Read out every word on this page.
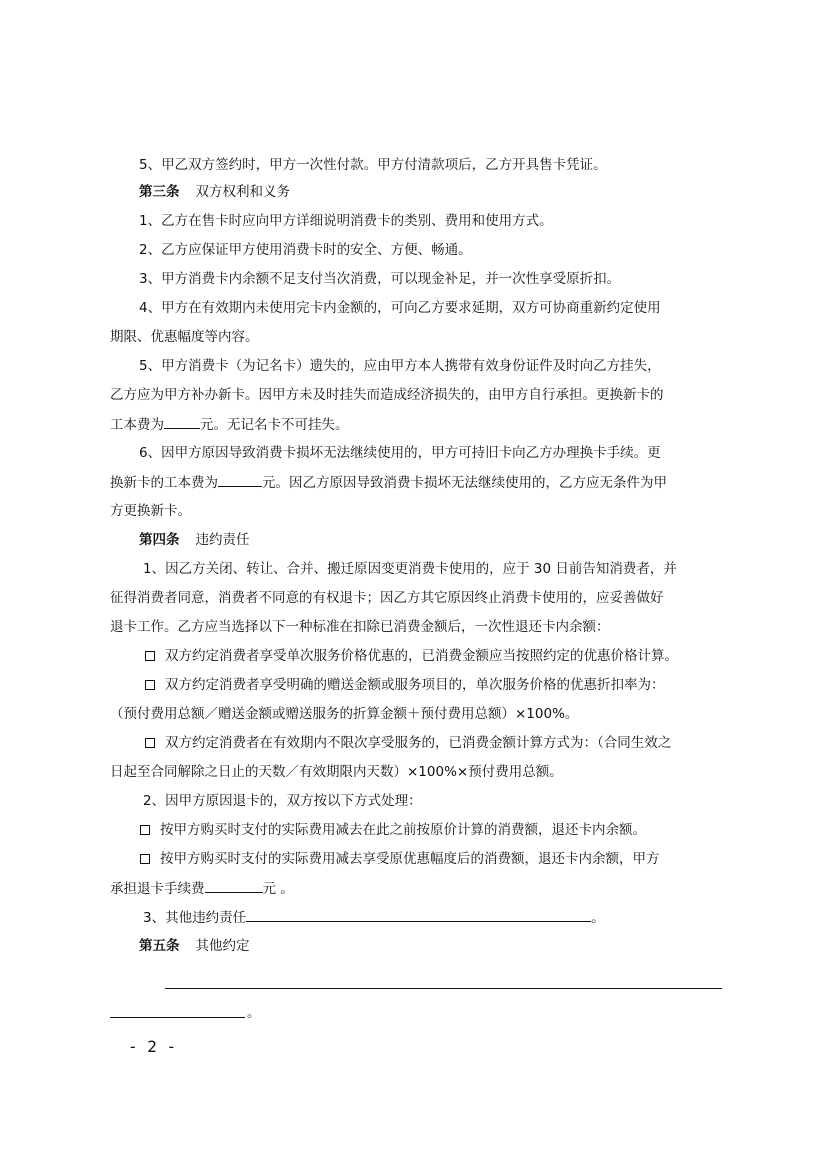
5、甲乙双方签约时，甲方一次性付款。甲方付清款项后，乙方开具售卡凭证。
第三条 双方权利和义务
1、乙方在售卡时应向甲方详细说明消费卡的类别、费用和使用方式。
2、乙方应保证甲方使用消费卡时的安全、方便、畅通。
3、甲方消费卡内余额不足支付当次消费，可以现金补足，并一次性享受原折扣。
4、甲方在有效期内未使用完卡内金额的，可向乙方要求延期，双方可协商重新约定使用
期限、优惠幅度等内容。
5、甲方消费卡（为记名卡）遗失的，应由甲方本人携带有效身份证件及时向乙方挂失，
乙方应为甲方补办新卡。因甲方未及时挂失而造成经济损失的，由甲方自行承担。更换新卡的
工本费为	元。无记名卡不可挂失。
6、因甲方原因导致消费卡损坏无法继续使用的，甲方可持旧卡向乙方办理换卡手续。更
换新卡的工本费为	元。因乙方原因导致消费卡损坏无法继续使用的，乙方应无条件为甲
方更换新卡。
第四条 违约责任
1、因乙方关闭、转让、合并、搬迁原因变更消费卡使用的，应于 30 日前告知消费者，并
征得消费者同意，消费者不同意的有权退卡；因乙方其它原因终止消费卡使用的，应妥善做好
退卡工作。乙方应当选择以下一种标准在扣除已消费金额后，一次性退还卡内余额：
双方约定消费者享受单次服务价格优惠的，已消费金额应当按照约定的优惠价格计算。
双方约定消费者享受明确的赠送金额或服务项目的，单次服务价格的优惠折扣率为：
（预付费用总额／赠送金额或赠送服务的折算金额＋预付费用总额）×100%。
双方约定消费者在有效期内不限次享受服务的，已消费金额计算方式为：（合同生效之
日起至合同解除之日止的天数／有效期限内天数）×100%×预付费用总额。
2、因甲方原因退卡的，双方按以下方式处理：
按甲方购买时支付的实际费用减去在此之前按原价计算的消费额，退还卡内余额。
按甲方购买时支付的实际费用减去享受原优惠幅度后的消费额，退还卡内余额，甲方
承担退卡手续费	元 。
3、其他违约责任	。
第五条 其他约定
。
- 2 -
